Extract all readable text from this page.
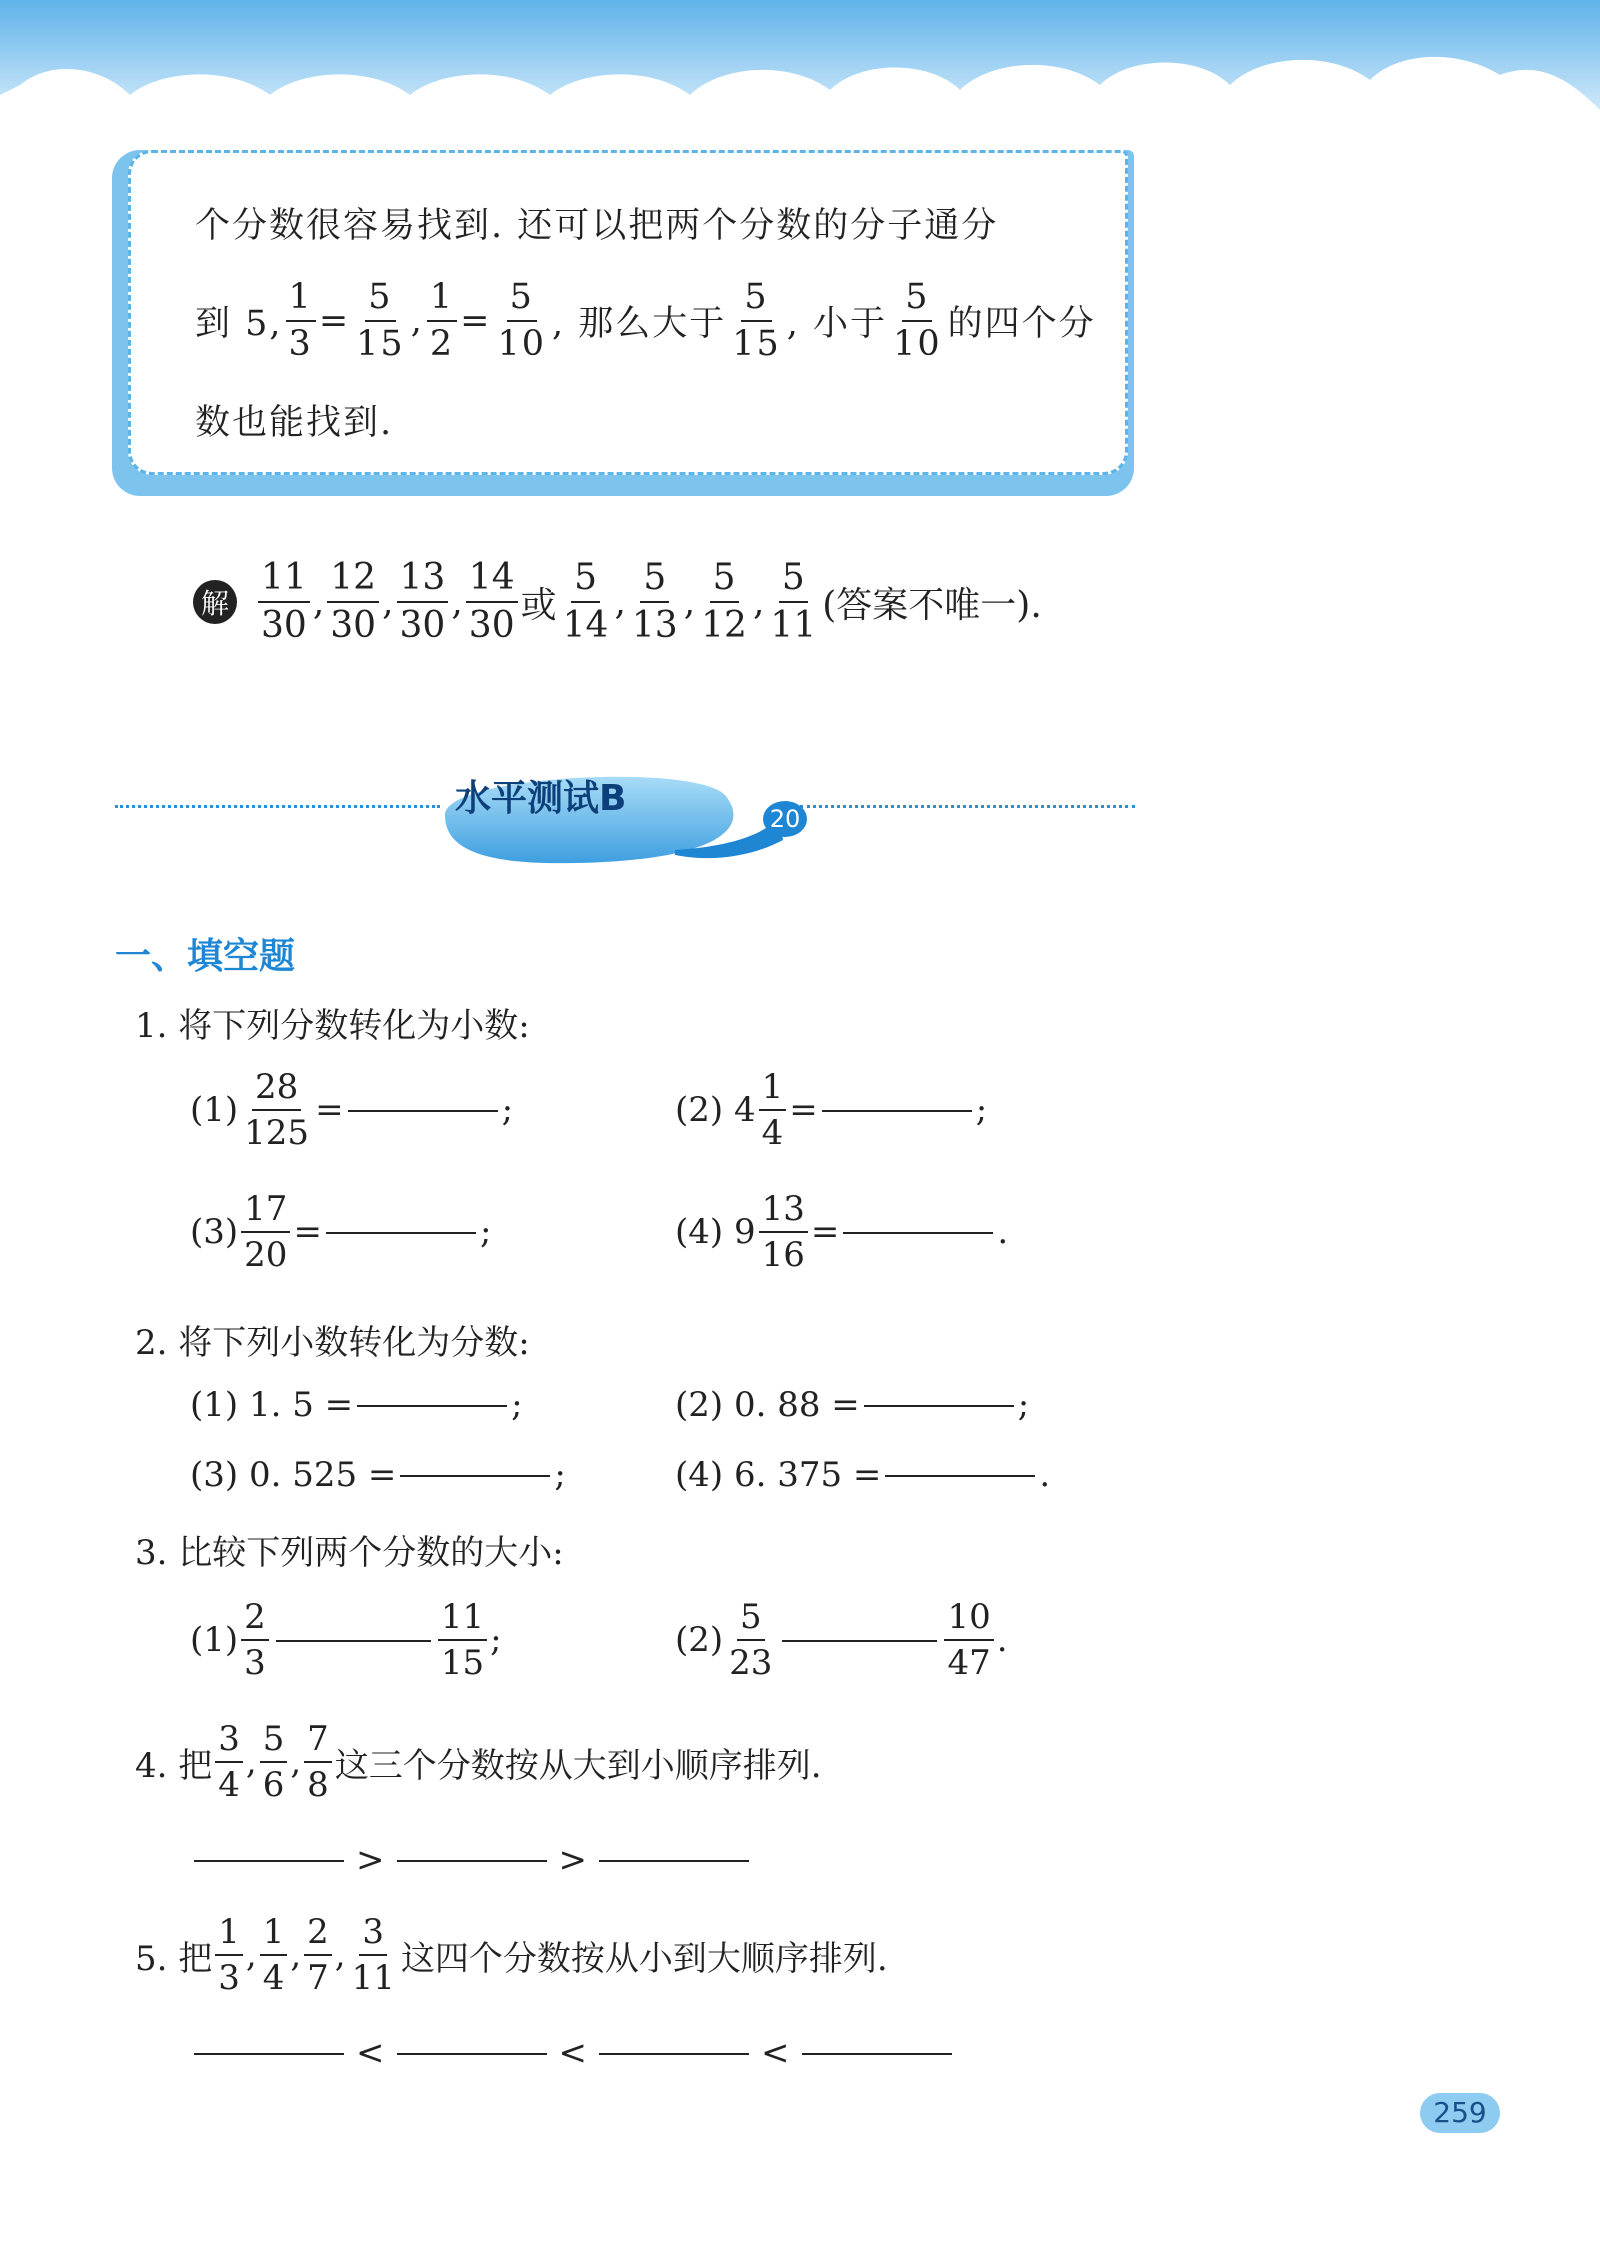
个分数很容易找到. 还可以把两个分数的分子通分
到 5, $\frac{1}{3} = \frac{5}{15}$ , $\frac{1}{2} = \frac{5}{10}$ , 那么大于 $\frac{5}{15}$ , 小于 $\frac{5}{10}$ 的四个分
数也能找到.
解 $\frac{11}{30}$ , $\frac{12}{30}$ , $\frac{13}{30}$ , $\frac{14}{30}$ 或 $\frac{5}{14}$ , $\frac{5}{13}$ , $\frac{5}{12}$ , $\frac{5}{11}$ (答案不唯一).
水平测试B	20
一、填空题
1. 将下列分数转化为小数:
$(1) \frac{28}{125}$ =	;	(2) $4 \frac{1}{4}$ =	;
$(3) \frac{17}{20}$ =	;	(4) $9 \frac{13}{16}$ =	.
2. 将下列小数转化为分数:
(1) 1. 5 =	;	(2) 0. 88 =	;
(3) 0. 525 =	;	(4) 6. 375 =	.
3. 比较下列两个分数的大小:
$(1) \frac{2}{3}$	$\frac{11}{15}$ ;	$(2) \frac{5}{23}$	$\frac{10}{47}$ .
4. 把 $\frac{3}{4}$ , $\frac{5}{6}$ , $\frac{7}{8}$ 这三个分数按从大到小顺序排列.
>	>
5. 把 $\frac{1}{3}$ , $\frac{1}{4}$ , $\frac{2}{7}$ , $\frac{3}{11}$ 这四个分数按从小到大顺序排列.
<	<	<
259
